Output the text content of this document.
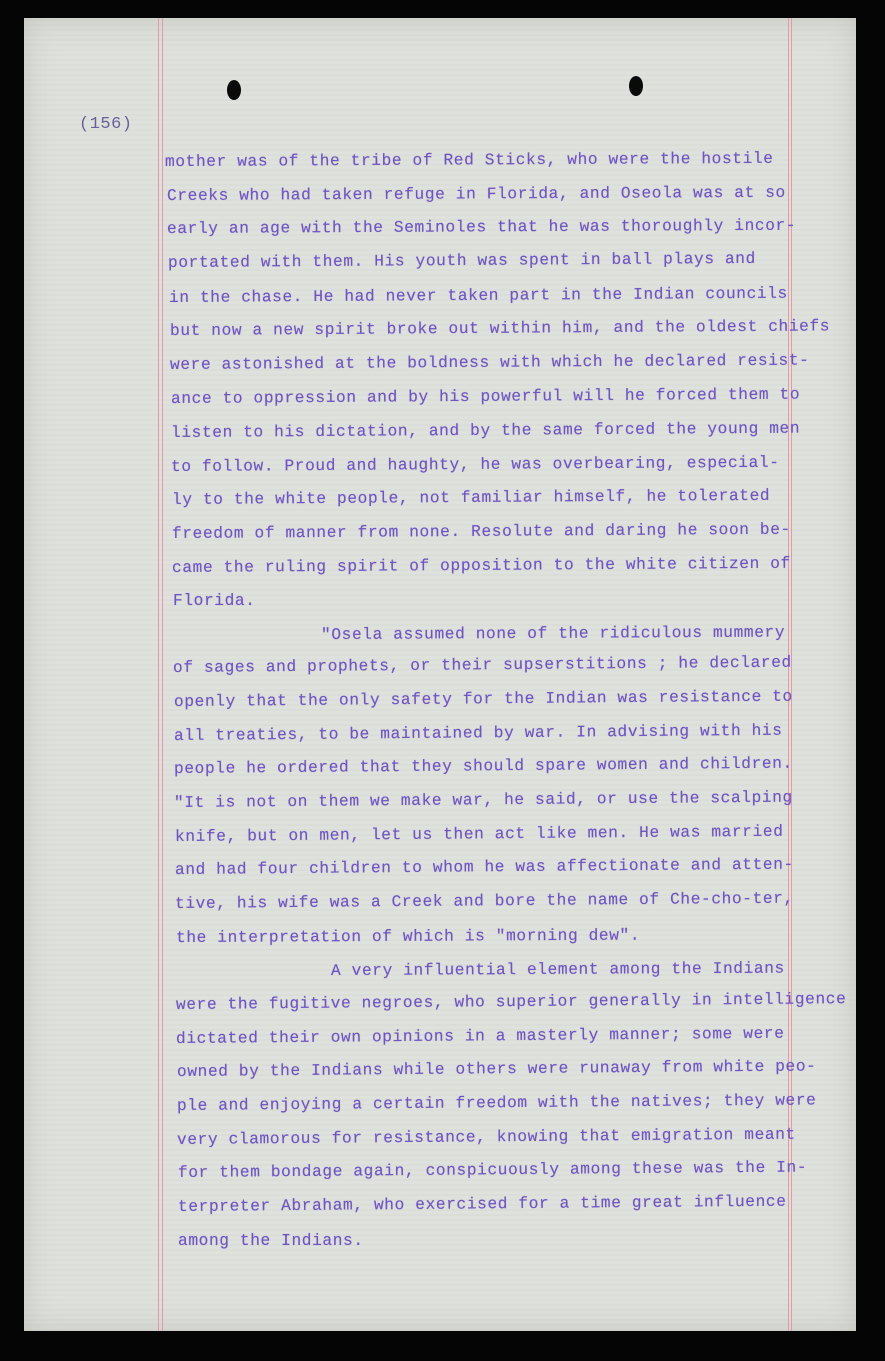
(156)
mother was of the tribe of Red Sticks, who were the hostile
Creeks who had taken refuge in Florida, and Oseola was at so
early an age with the Seminoles that he was thoroughly incor-
portated with them. His youth was spent in ball plays and
in the chase. He had never taken part in the Indian councils
but now a new spirit broke out within him, and the oldest chiefs
were astonished at the boldness with which he declared resist-
ance to oppression and by his powerful will he forced them to
listen to his dictation, and by the same forced the young men
to follow. Proud and haughty, he was overbearing, especial-
ly to the white people, not familiar himself, he tolerated
freedom of manner from none. Resolute and daring he soon be-
came the ruling spirit of opposition to the white citizen of
Florida.
"Osela assumed none of the ridiculous mummery
of sages and prophets, or their supserstitions ; he declared
openly that the only safety for the Indian was resistance to
all treaties, to be maintained by war. In advising with his
people he ordered that they should spare women and children.
"It is not on them we make war, he said, or use the scalping
knife, but on men, let us then act like men. He was married
and had four children to whom he was affectionate and atten-
tive, his wife was a Creek and bore the name of Che-cho-ter,
the interpretation of which is "morning dew".
A very influential element among the Indians
were the fugitive negroes, who superior generally in intelligence
dictated their own opinions in a masterly manner; some were
owned by the Indians while others were runaway from white peo-
ple and enjoying a certain freedom with the natives; they were
very clamorous for resistance, knowing that emigration meant
for them bondage again, conspicuously among these was the In-
terpreter Abraham, who exercised for a time great influence
among the Indians.
